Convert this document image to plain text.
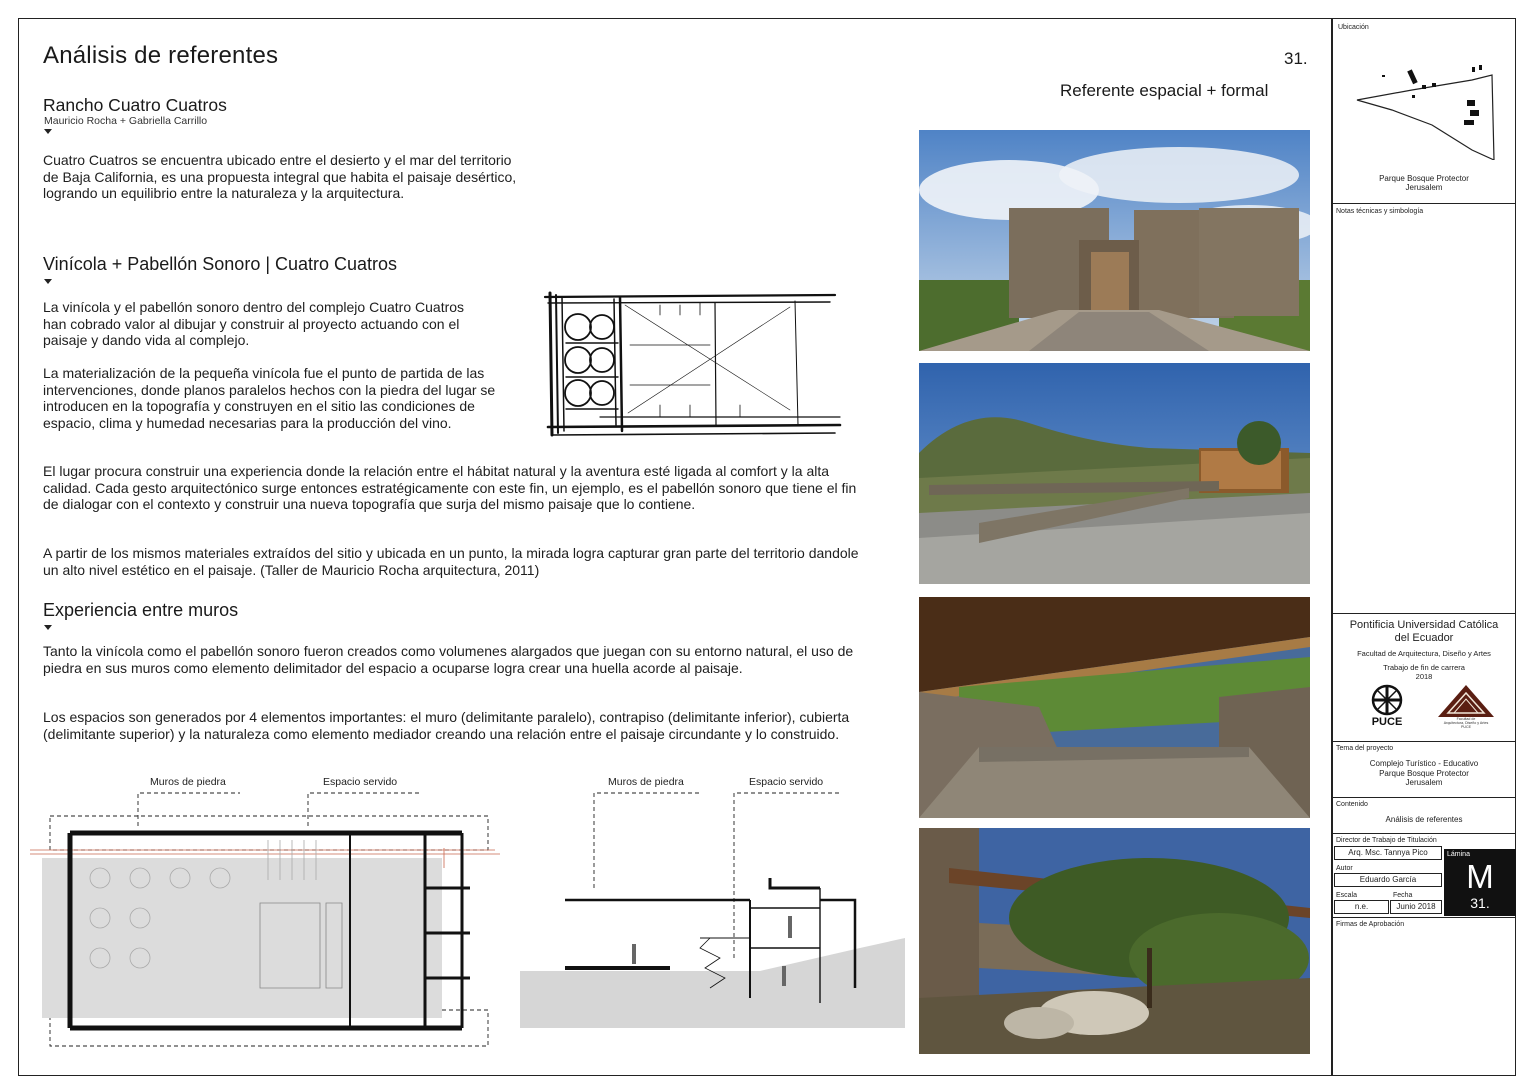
Análisis de referentes	31.
Referente espacial + formal
Rancho Cuatro Cuatros
Mauricio Rocha + Gabriella Carrillo
Cuatro Cuatros se encuentra ubicado entre el desierto y el mar del territorio de Baja California, es una propuesta integral que habita el paisaje desértico, logrando un equilibrio entre la naturaleza y la arquitectura.
Vinícola + Pabellón Sonoro | Cuatro Cuatros
La vinícola y el pabellón sonoro dentro del complejo Cuatro Cuatros han cobrado valor al dibujar y construir al proyecto actuando con el paisaje y dando vida al complejo.
La materialización de la pequeña vinícola fue el punto de partida de las intervenciones, donde planos paralelos hechos con la piedra del lugar se introducen en la topografía y construyen en el sitio las condiciones de espacio, clima y humedad necesarias para la producción del vino.
El lugar procura construir una experiencia donde la relación entre el hábitat natural y la aventura esté ligada al comfort y la alta calidad. Cada gesto arquitectónico surge entonces estratégicamente con este fin, un ejemplo, es el pabellón sonoro que tiene el fin de dialogar con el contexto y construir una nueva topografía que surja del mismo paisaje que lo contiene.
A partir de los mismos materiales extraídos del sitio y ubicada en un punto, la mirada logra capturar gran parte del territorio dandole un alto nivel estético en el paisaje. (Taller de Mauricio Rocha arquitectura, 2011)
Experiencia entre muros
Tanto la vinícola como el pabellón sonoro fueron creados como volumenes alargados que juegan con su entorno natural, el uso de piedra en sus muros como elemento delimitador del espacio a ocuparse logra crear una huella acorde al paisaje.
Los espacios son generados por 4 elementos importantes: el muro (delimitante paralelo), contrapiso (delimitante inferior), cubierta (delimitante superior) y la naturaleza como elemento mediador creando una relación entre el paisaje circundante y lo construido.
Muros de piedra	Espacio servido	Muros de piedra	Espacio servido
Ubicación
Parque Bosque Protector
Jerusalem
Notas técnicas y simbología
Pontificia Universidad Católica
del Ecuador
Facultad de Arquitectura, Diseño y Artes
Trabajo de fin de carrera
2018
PUCE	Facultad de
Arquitectura, Diseño y Artes
PUCE
Tema del proyecto
Complejo Turístico - Educativo
Parque Bosque Protector
Jerusalem
Contenido
Análisis de referentes
Director de Trabajo de Titulación
Arq. Msc. Tannya Pico	Lámina
M
31.
Autor
Eduardo García
Escala	Fecha
n.e.	Junio 2018
Firmas de Aprobación
